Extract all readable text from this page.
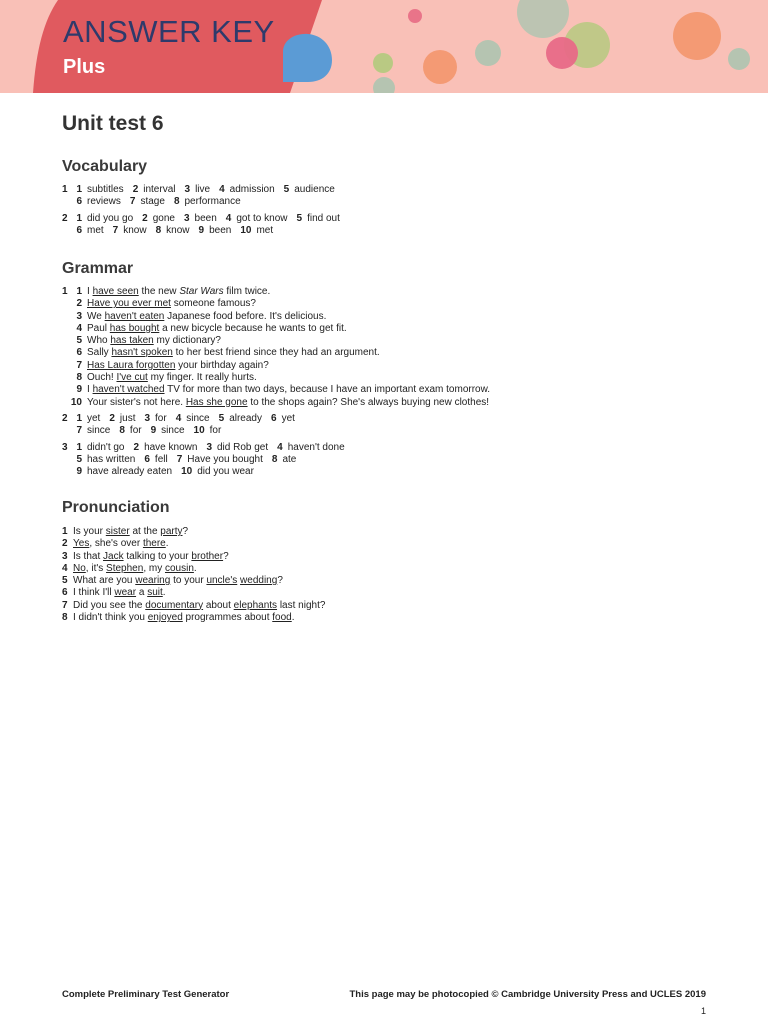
ANSWER KEY
Plus
Unit test 6
Vocabulary
1 1 subtitles 2 interval 3 live 4 admission 5 audience
6 reviews 7 stage 8 performance
2 1 did you go 2 gone 3 been 4 got to know 5 find out
6 met 7 know 8 know 9 been 10 met
Grammar
1 1 I have seen the new Star Wars film twice.
2 Have you ever met someone famous?
3 We haven't eaten Japanese food before. It's delicious.
4 Paul has bought a new bicycle because he wants to get fit.
5 Who has taken my dictionary?
6 Sally hasn't spoken to her best friend since they had an argument.
7 Has Laura forgotten your birthday again?
8 Ouch! I've cut my finger. It really hurts.
9 I haven't watched TV for more than two days, because I have an important exam tomorrow.
10 Your sister's not here. Has she gone to the shops again? She's always buying new clothes!
2 1 yet 2 just 3 for 4 since 5 already 6 yet
7 since 8 for 9 since 10 for
3 1 didn't go 2 have known 3 did Rob get 4 haven't done
5 has written 6 fell 7 Have you bought 8 ate
9 have already eaten 10 did you wear
Pronunciation
1 Is your sister at the party?
2 Yes, she's over there.
3 Is that Jack talking to your brother?
4 No, it's Stephen, my cousin.
5 What are you wearing to your uncle's wedding?
6 I think I'll wear a suit.
7 Did you see the documentary about elephants last night?
8 I didn't think you enjoyed programmes about food.
Complete Preliminary Test Generator	This page may be photocopied © Cambridge University Press and UCLES 2019
1
